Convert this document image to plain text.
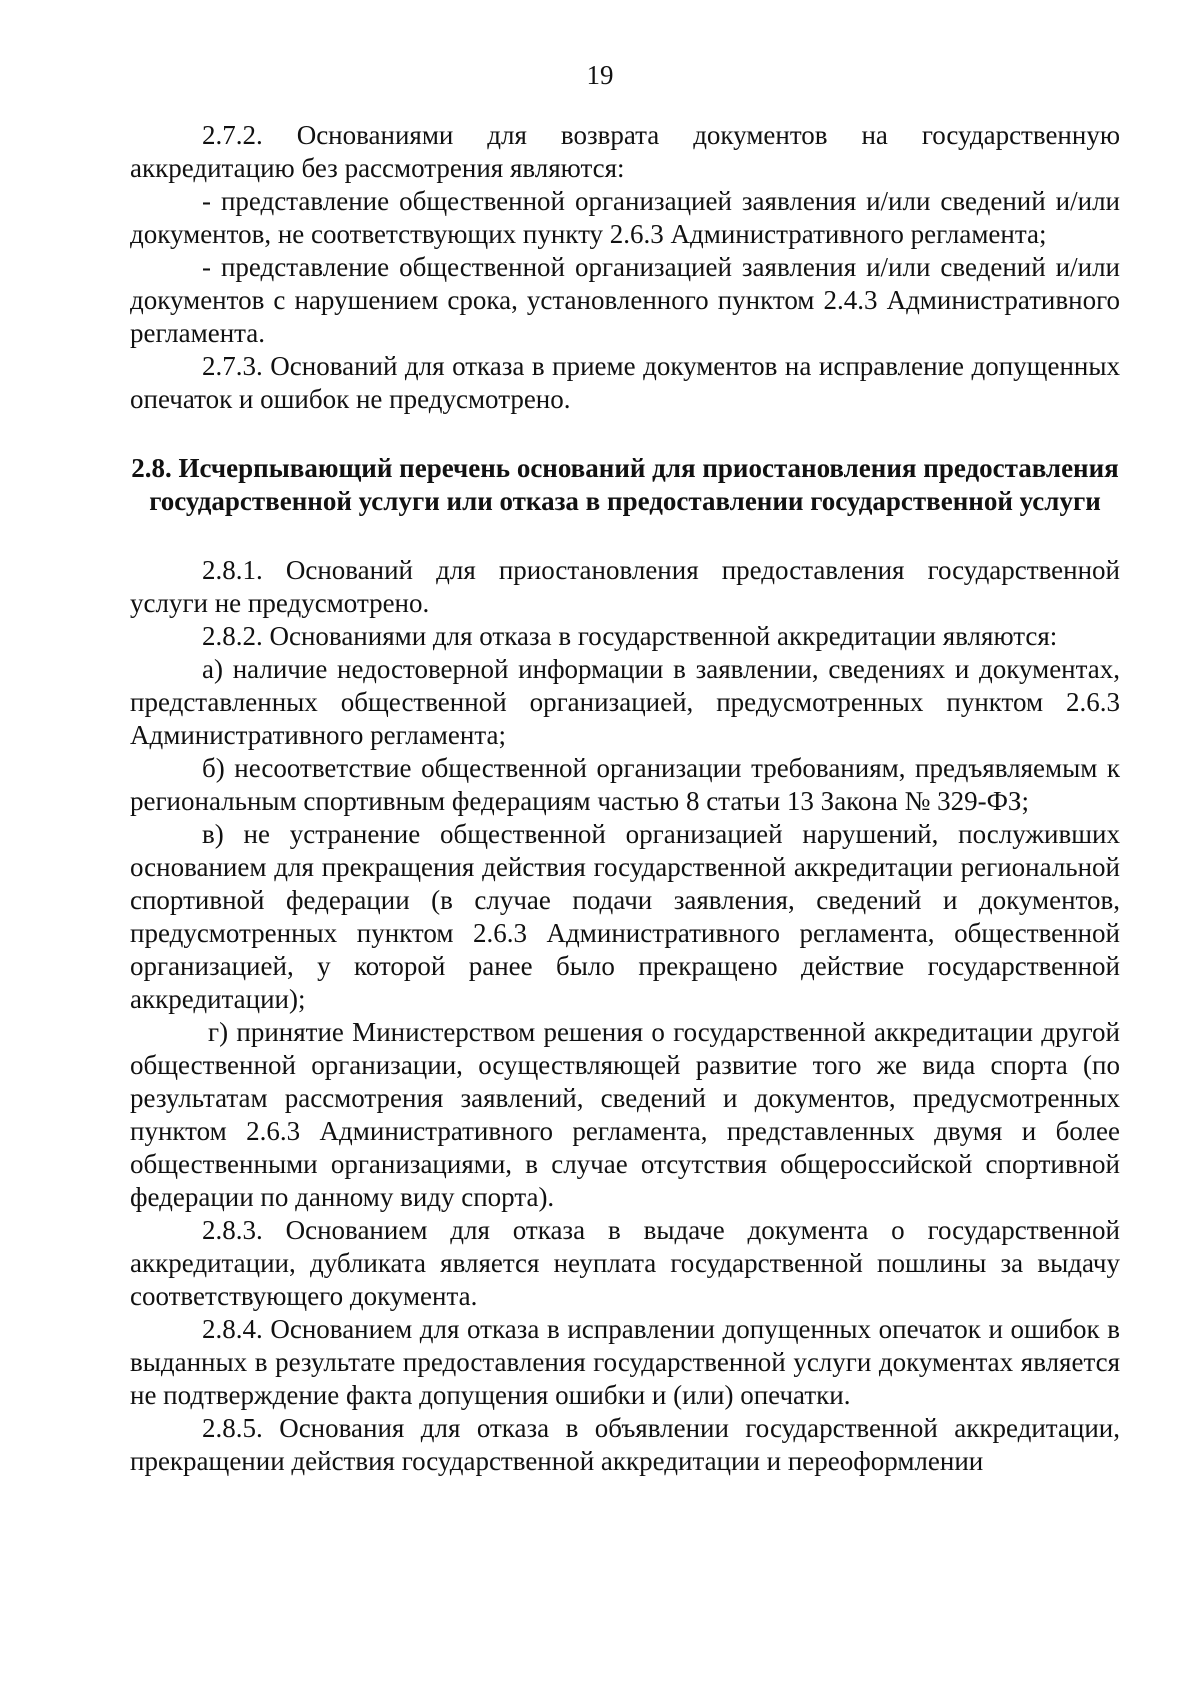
19

2.7.2. Основаниями для возврата документов на государственную аккредитацию без рассмотрения являются:

- представление общественной организацией заявления и/или сведений и/или документов, не соответствующих пункту 2.6.3 Административного регламента;

- представление общественной организацией заявления и/или сведений и/или документов с нарушением срока, установленного пунктом 2.4.3 Административного регламента.

2.7.3. Оснований для отказа в приеме документов на исправление допущенных опечаток и ошибок не предусмотрено.

2.8. Исчерпывающий перечень оснований для приостановления предоставления государственной услуги или отказа в предоставлении государственной услуги

2.8.1. Оснований для приостановления предоставления государственной услуги не предусмотрено.

2.8.2. Основаниями для отказа в государственной аккредитации являются:

а) наличие недостоверной информации в заявлении, сведениях и документах, представленных общественной организацией, предусмотренных пунктом 2.6.3 Административного регламента;

б) несоответствие общественной организации требованиям, предъявляемым к региональным спортивным федерациям частью 8 статьи 13 Закона № 329-ФЗ;

в) не устранение общественной организацией нарушений, послуживших основанием для прекращения действия государственной аккредитации региональной спортивной федерации (в случае подачи заявления, сведений и документов, предусмотренных пунктом 2.6.3 Административного регламента, общественной организацией, у которой ранее было прекращено действие государственной аккредитации);

г) принятие Министерством решения о государственной аккредитации другой общественной организации, осуществляющей развитие того же вида спорта (по результатам рассмотрения заявлений, сведений и документов, предусмотренных пунктом 2.6.3 Административного регламента, представленных двумя и более общественными организациями, в случае отсутствия общероссийской спортивной федерации по данному виду спорта).

2.8.3. Основанием для отказа в выдаче документа о государственной аккредитации, дубликата является неуплата государственной пошлины за выдачу соответствующего документа.

2.8.4. Основанием для отказа в исправлении допущенных опечаток и ошибок в выданных в результате предоставления государственной услуги документах является не подтверждение факта допущения ошибки и (или) опечатки.

2.8.5. Основания для отказа в объявлении государственной аккредитации, прекращении действия государственной аккредитации и переоформлении
